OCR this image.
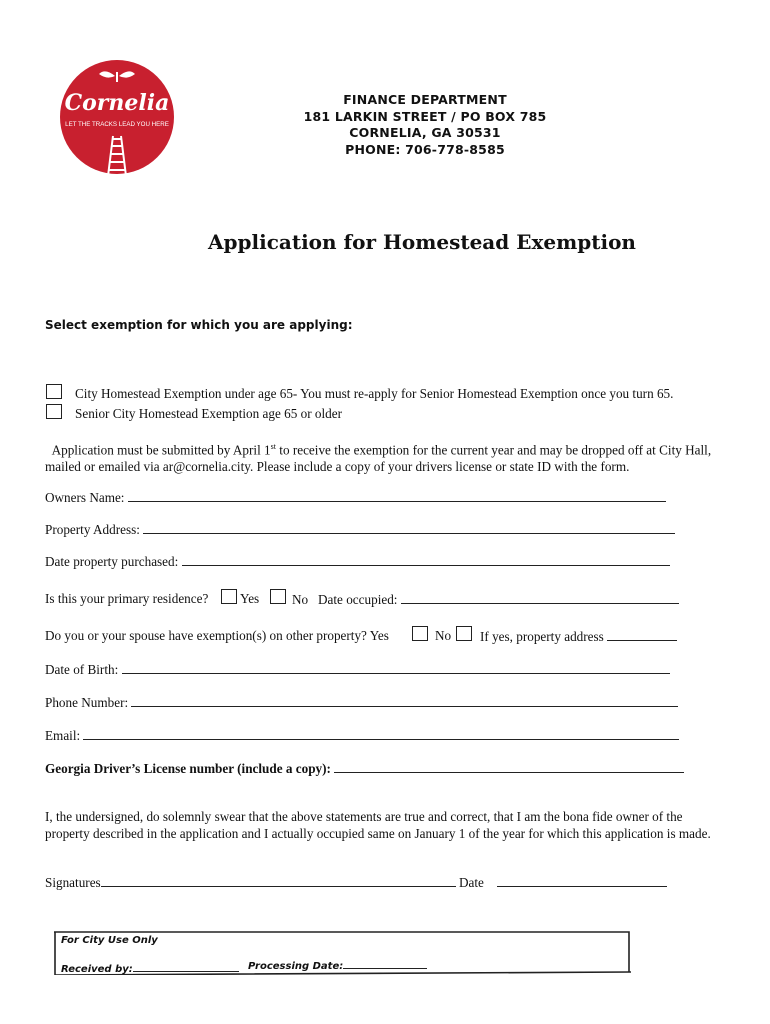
Cornelia
LET THE TRACKS LEAD YOU HERE
FINANCE DEPARTMENT
181 LARKIN STREET / PO BOX 785
CORNELIA, GA 30531
PHONE: 706-778-8585
Application for Homestead Exemption
Select exemption for which you are applying:
City Homestead Exemption under age 65- You must re-apply for Senior Homestead Exemption once you turn 65.
Senior City Homestead Exemption age 65 or older
Application must be submitted by April 1st to receive the exemption for the current year and may be dropped off at City Hall, mailed or emailed via ar@cornelia.city. Please include a copy of your drivers license or state ID with the form.
Owners Name:
Property Address:
Date property purchased:
Is this your primary residence? Yes No Date occupied:
Do you or your spouse have exemption(s) on other property? Yes	No If yes, property address
Date of Birth:
Phone Number:
Email:
Georgia Driver’s License number (include a copy):
I, the undersigned, do solemnly swear that the above statements are true and correct, that I am the bona fide owner of the property described in the application and I actually occupied same on January 1 of the year for which this application is made.
Signatures	Date
For City Use Only
Received by:	Processing Date:
